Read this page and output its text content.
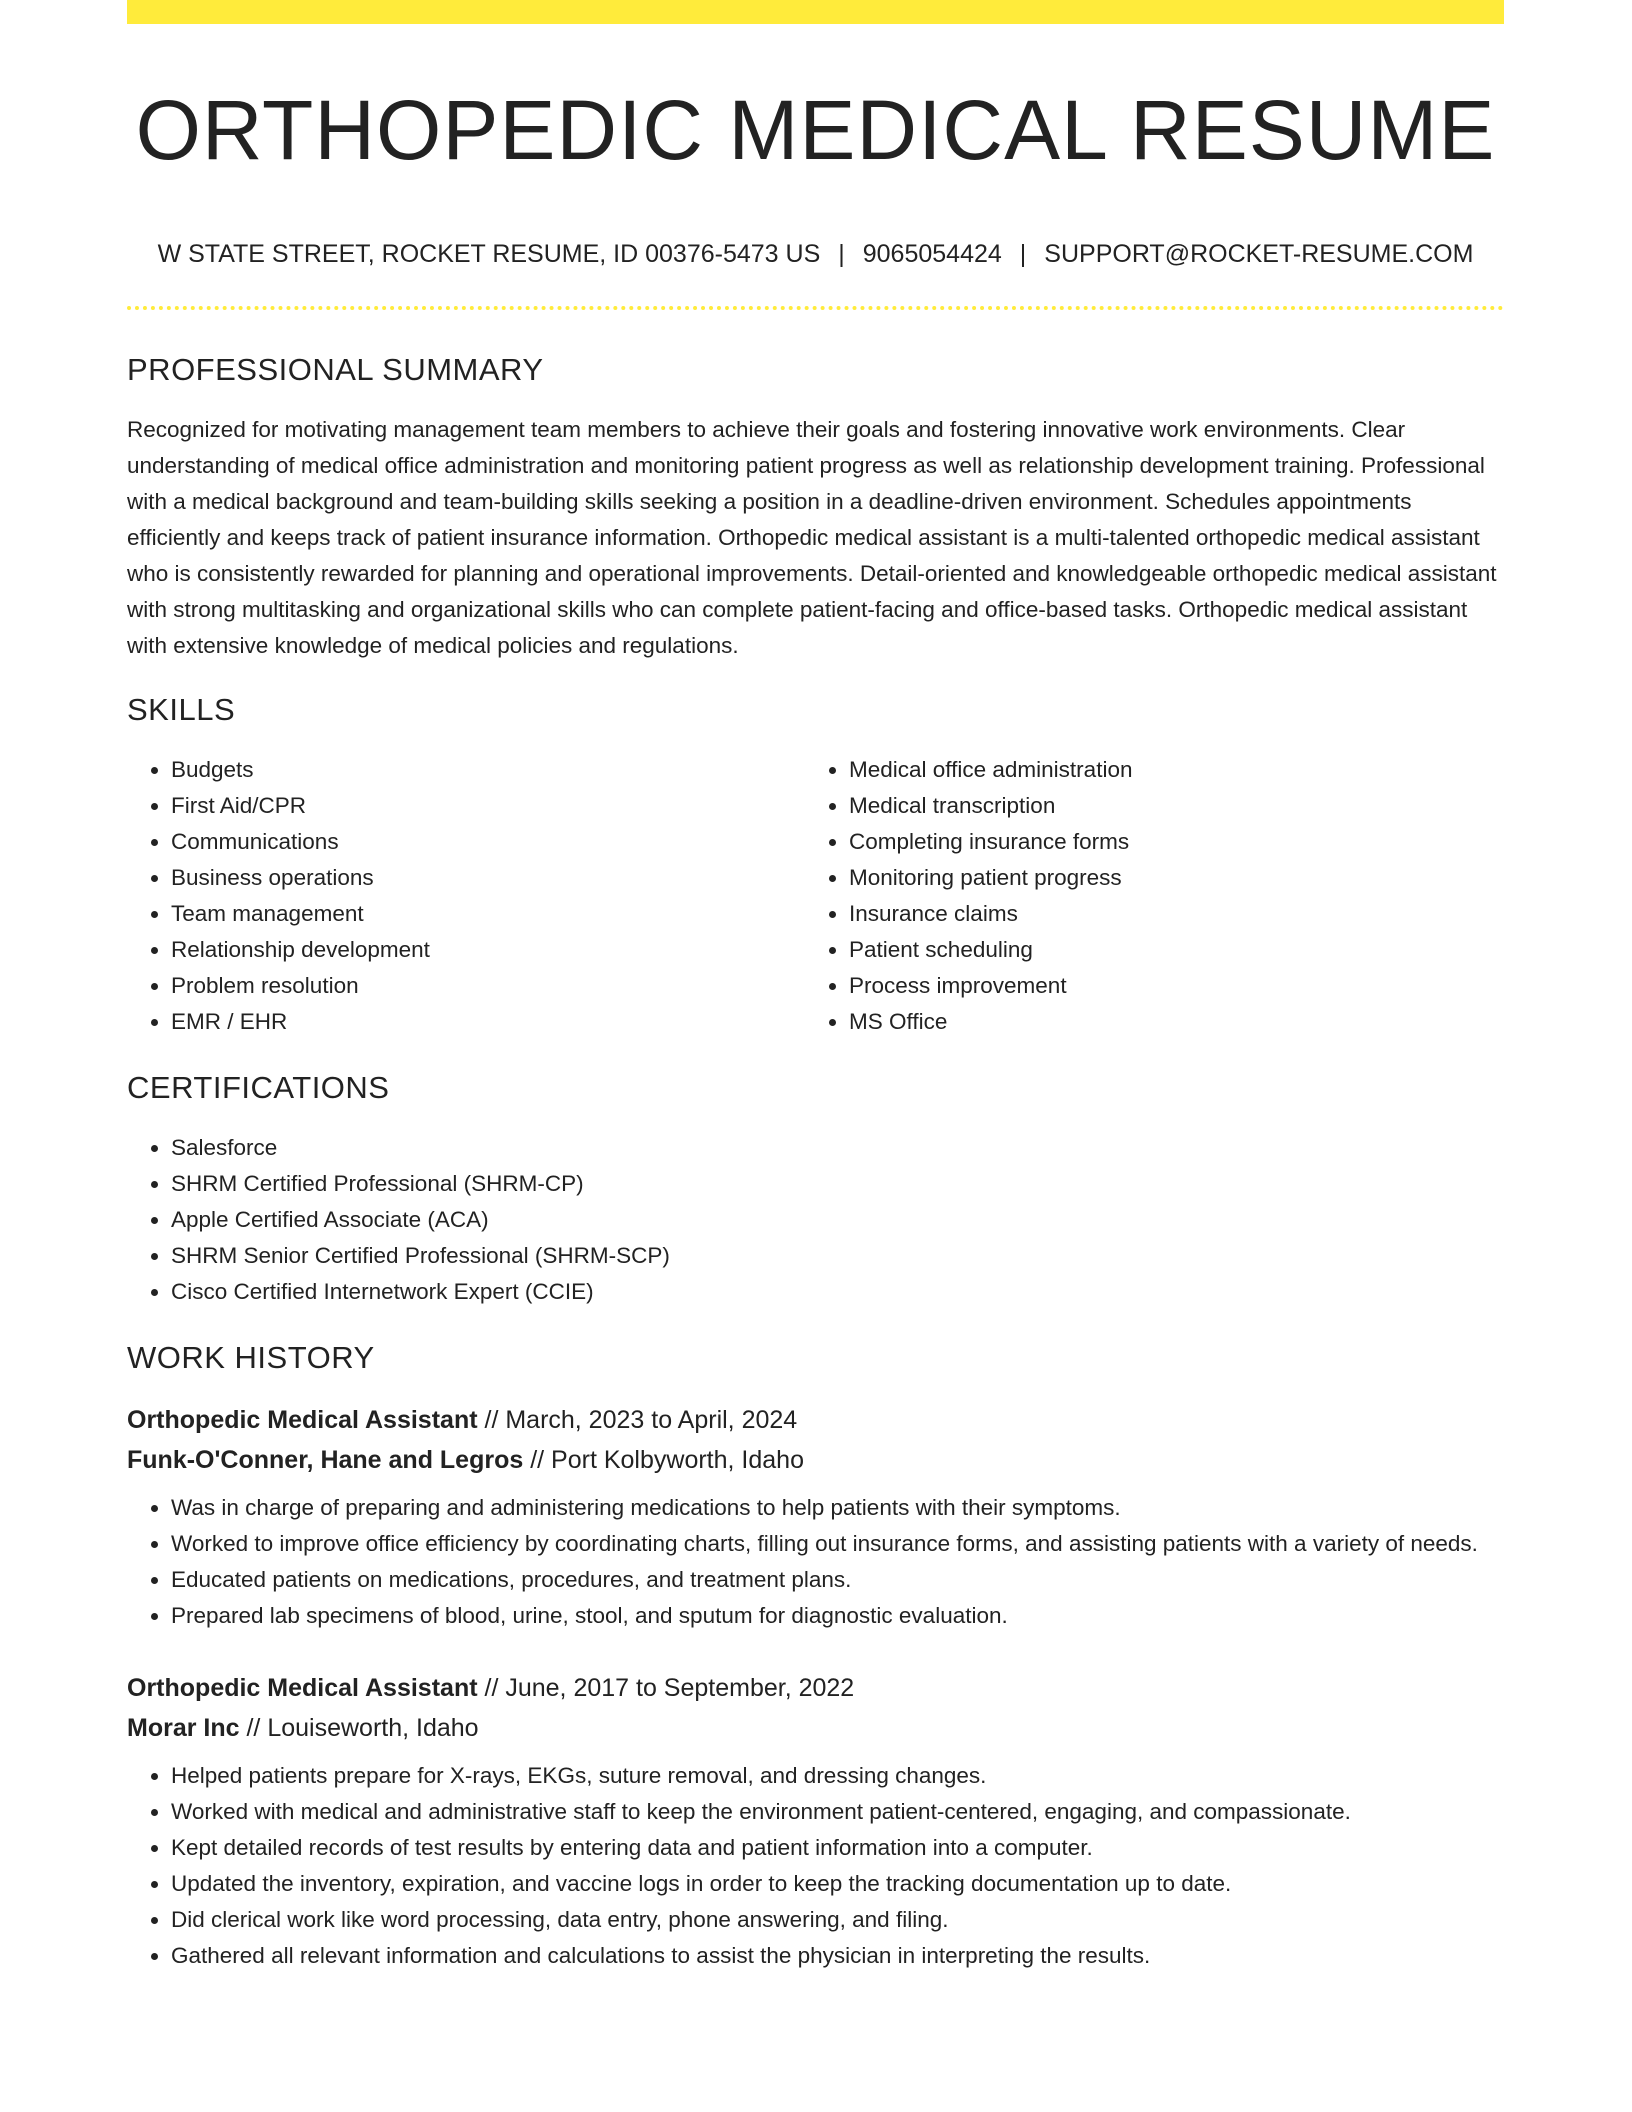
ORTHOPEDIC MEDICAL RESUME
W STATE STREET, ROCKET RESUME, ID 00376-5473 US | 9065054424 | SUPPORT@ROCKET-RESUME.COM
PROFESSIONAL SUMMARY

Recognized for motivating management team members to achieve their goals and fostering innovative work environments. Clear understanding of medical office administration and monitoring patient progress as well as relationship development training. Professional with a medical background and team-building skills seeking a position in a deadline-driven environment. Schedules appointments efficiently and keeps track of patient insurance information. Orthopedic medical assistant is a multi-talented orthopedic medical assistant who is consistently rewarded for planning and operational improvements. Detail-oriented and knowledgeable orthopedic medical assistant with strong multitasking and organizational skills who can complete patient-facing and office-based tasks. Orthopedic medical assistant with extensive knowledge of medical policies and regulations.

SKILLS
• Budgets
• First Aid/CPR
• Communications
• Business operations
• Team management
• Relationship development
• Problem resolution
• EMR / EHR
• Medical office administration
• Medical transcription
• Completing insurance forms
• Monitoring patient progress
• Insurance claims
• Patient scheduling
• Process improvement
• MS Office
CERTIFICATIONS
• Salesforce
• SHRM Certified Professional (SHRM-CP)
• Apple Certified Associate (ACA)
• SHRM Senior Certified Professional (SHRM-SCP)
• Cisco Certified Internetwork Expert (CCIE)
WORK HISTORY
Orthopedic Medical Assistant // March, 2023 to April, 2024
Funk-O'Conner, Hane and Legros // Port Kolbyworth, Idaho
• Was in charge of preparing and administering medications to help patients with their symptoms.
• Worked to improve office efficiency by coordinating charts, filling out insurance forms, and assisting patients with a variety of needs.
• Educated patients on medications, procedures, and treatment plans.
• Prepared lab specimens of blood, urine, stool, and sputum for diagnostic evaluation.
Orthopedic Medical Assistant // June, 2017 to September, 2022
Morar Inc // Louiseworth, Idaho
• Helped patients prepare for X-rays, EKGs, suture removal, and dressing changes.
• Worked with medical and administrative staff to keep the environment patient-centered, engaging, and compassionate.
• Kept detailed records of test results by entering data and patient information into a computer.
• Updated the inventory, expiration, and vaccine logs in order to keep the tracking documentation up to date.
• Did clerical work like word processing, data entry, phone answering, and filing.
• Gathered all relevant information and calculations to assist the physician in interpreting the results.
